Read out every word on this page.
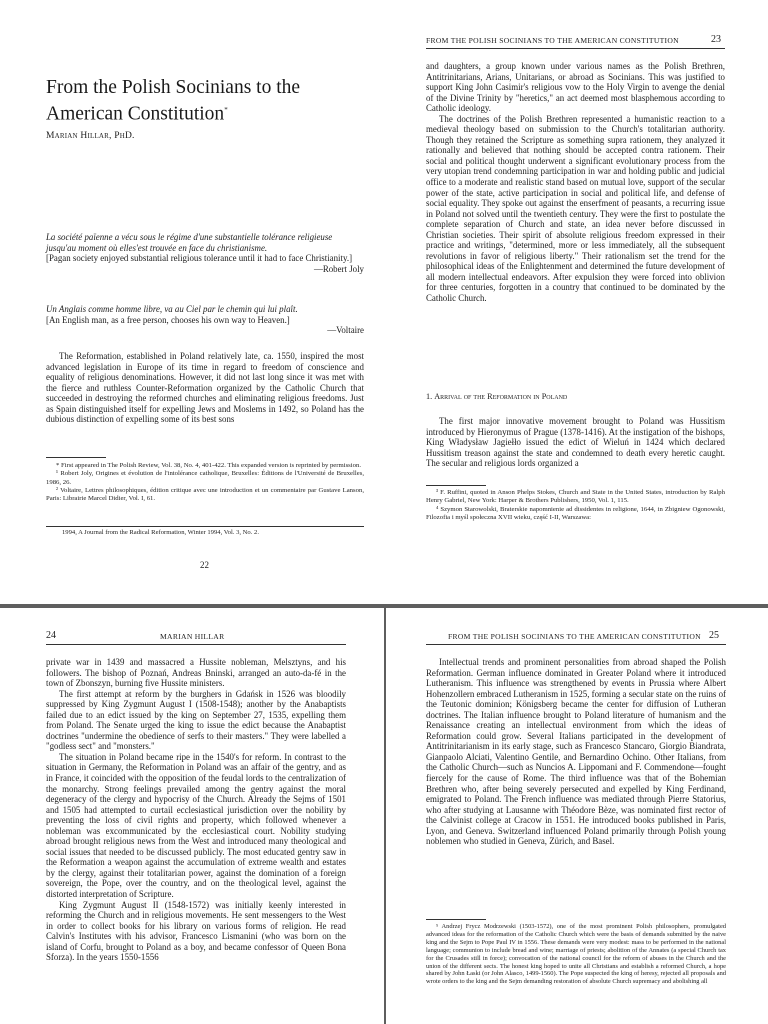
FROM THE POLISH SOCINIANS TO THE AMERICAN CONSTITUTION	23
From the Polish Socinians to the
American Constitution*
Marian Hillar, PhD.
La société païenne a vécu sous le régime d'une substantielle tolérance religieuse jusqu'au moment où elles'est trouvée en face du christianisme.
[Pagan society enjoyed substantial religious tolerance until it had to face Christianity.]
—Robert Joly
Un Anglais comme homme libre, va au Ciel par le chemin qui lui plaît.
[An English man, as a free person, chooses his own way to Heaven.]
—Voltaire

The Reformation, established in Poland relatively late, ca. 1550, inspired the most advanced legislation in Europe of its time in regard to freedom of conscience and equality of religious denominations. However, it did not last long since it was met with the fierce and ruthless Counter-Reformation organized by the Catholic Church that succeeded in destroying the reformed churches and eliminating religious freedoms. Just as Spain distinguished itself for expelling Jews and Moslems in 1492, so Poland has the dubious distinction of expelling some of its best sons

* First appeared in The Polish Review, Vol. 38, No. 4, 401-422. This expanded version is reprinted by permission.

¹ Robert Joly, Origines et évolution de l'intolérance catholique, Bruxelles: Éditions de l'Université de Bruxelles, 1986, 26.

² Voltaire, Lettres philosophiques, édition critique avec une introduction et un commentaire par Gustave Lanson, Paris: Librairie Marcel Didier, Vol. I, 61.

1994, A Journal from the Radical Reformation, Winter 1994, Vol. 3, No. 2.
22

and daughters, a group known under various names as the Polish Brethren, Antitrinitarians, Arians, Unitarians, or abroad as Socinians. This was justified to support King John Casimir's religious vow to the Holy Virgin to avenge the denial of the Divine Trinity by "heretics," an act deemed most blasphemous according to Catholic ideology.

The doctrines of the Polish Brethren represented a humanistic reaction to a medieval theology based on submission to the Church's totalitarian authority. Though they retained the Scripture as something supra rationem, they analyzed it rationally and believed that nothing should be accepted contra rationem. Their social and political thought underwent a significant evolutionary process from the very utopian trend condemning participation in war and holding public and judicial office to a moderate and realistic stand based on mutual love, support of the secular power of the state, active participation in social and political life, and defense of social equality. They spoke out against the enserfment of peasants, a recurring issue in Poland not solved until the twentieth century. They were the first to postulate the complete separation of Church and state, an idea never before discussed in Christian societies. Their spirit of absolute religious freedom expressed in their practice and writings, "determined, more or less immediately, all the subsequent revolutions in favor of religious liberty." Their rationalism set the trend for the philosophical ideas of the Enlightenment and determined the future development of all modern intellectual endeavors. After expulsion they were forced into oblivion for three centuries, forgotten in a country that continued to be dominated by the Catholic Church.

1. Arrival of the Reformation in Poland

The first major innovative movement brought to Poland was Hussitism introduced by Hieronymus of Prague (1378-1416). At the instigation of the bishops, King Władysław Jagiełło issued the edict of Wieluń in 1424 which declared Hussitism treason against the state and condemned to death every heretic caught. The secular and religious lords organized a

³ F. Ruffini, quoted in Anson Phelps Stokes, Church and State in the United States, introduction by Ralph Henry Gabriel, New York: Harper & Brothers Publishers, 1950, Vol. 1, 115.

⁴ Szymon Starowolski, Braterskie napomnienie ad dissidentes in religione, 1644, in Zbigniew Ogonowski, Filozofia i myśl społeczna XVII wieku, część I-II, Warszawa:

24	MARIAN HILLAR

private war in 1439 and massacred a Hussite nobleman, Melsztyns, and his followers. The bishop of Poznań, Andreas Bninski, arranged an auto-da-fé in the town of Zbonszyn, burning five Hussite ministers.

The first attempt at reform by the burghers in Gdańsk in 1526 was bloodily suppressed by King Zygmunt August I (1508-1548); another by the Anabaptists failed due to an edict issued by the king on September 27, 1535, expelling them from Poland. The Senate urged the king to issue the edict because the Anabaptist doctrines "undermine the obedience of serfs to their masters." They were labelled a "godless sect" and "monsters."

The situation in Poland became ripe in the 1540's for reform. In contrast to the situation in Germany, the Reformation in Poland was an affair of the gentry, and as in France, it coincided with the opposition of the feudal lords to the centralization of the monarchy. Strong feelings prevailed among the gentry against the moral degeneracy of the clergy and hypocrisy of the Church. Already the Sejms of 1501 and 1505 had attempted to curtail ecclesiastical jurisdiction over the nobility by preventing the loss of civil rights and property, which followed whenever a nobleman was excommunicated by the ecclesiastical court. Nobility studying abroad brought religious news from the West and introduced many theological and social issues that needed to be discussed publicly. The most educated gentry saw in the Reformation a weapon against the accumulation of extreme wealth and estates by the clergy, against their totalitarian power, against the domination of a foreign sovereign, the Pope, over the country, and on the theological level, against the distorted interpretation of Scripture.

King Zygmunt August II (1548-1572) was initially keenly interested in reforming the Church and in religious movements. He sent messengers to the West in order to collect books for his library on various forms of religion. He read Calvin's Institutes with his advisor, Francesco Lismanini (who was born on the island of Corfu, brought to Poland as a boy, and became confessor of Queen Bona Sforza). In the years 1550-1556

FROM THE POLISH SOCINIANS TO THE AMERICAN CONSTITUTION 25

Intellectual trends and prominent personalities from abroad shaped the Polish Reformation. German influence dominated in Greater Poland where it introduced Lutheranism. This influence was strengthened by events in Prussia where Albert Hohenzollern embraced Lutheranism in 1525, forming a secular state on the ruins of the Teutonic dominion; Königsberg became the center for diffusion of Lutheran doctrines. The Italian influence brought to Poland literature of humanism and the Renaissance creating an intellectual environment from which the ideas of Reformation could grow. Several Italians participated in the development of Antitrinitarianism in its early stage, such as Francesco Stancaro, Giorgio Biandrata, Gianpaolo Alciati, Valentino Gentile, and Bernardino Ochino. Other Italians, from the Catholic Church—such as Nuncios A. Lippomani and F. Commendone—fought fiercely for the cause of Rome. The third influence was that of the Bohemian Brethren who, after being severely persecuted and expelled by King Ferdinand, emigrated to Poland. The French influence was mediated through Pierre Statorius, who after studying at Lausanne with Théodore Bèze, was nominated first rector of the Calvinist college at Cracow in 1551. He introduced books published in Paris, Lyon, and Geneva. Switzerland influenced Poland primarily through Polish young noblemen who studied in Geneva, Zürich, and Basel.

⁵ Andrzej Frycz Modrzewski (1503-1572), one of the most prominent Polish philosophers, promulgated advanced ideas for the reformation of the Catholic Church which were the basis of demands submitted by the naive king and the Sejm to Pope Paul IV in 1556. These demands were very modest: mass to be performed in the national language; communion to include bread and wine; marriage of priests; abolition of the Annates (a special Church tax for the Crusades still in force); convocation of the national council for the reform of abuses in the Church and the union of the different sects. The honest king hoped to unite all Christians and establish a reformed Church, a hope shared by John Łaski (or John Alasco, 1499-1560). The Pope suspected the king of heresy, rejected all proposals and wrote orders to the king and the Sejm demanding restoration of absolute Church supremacy and abolishing all
